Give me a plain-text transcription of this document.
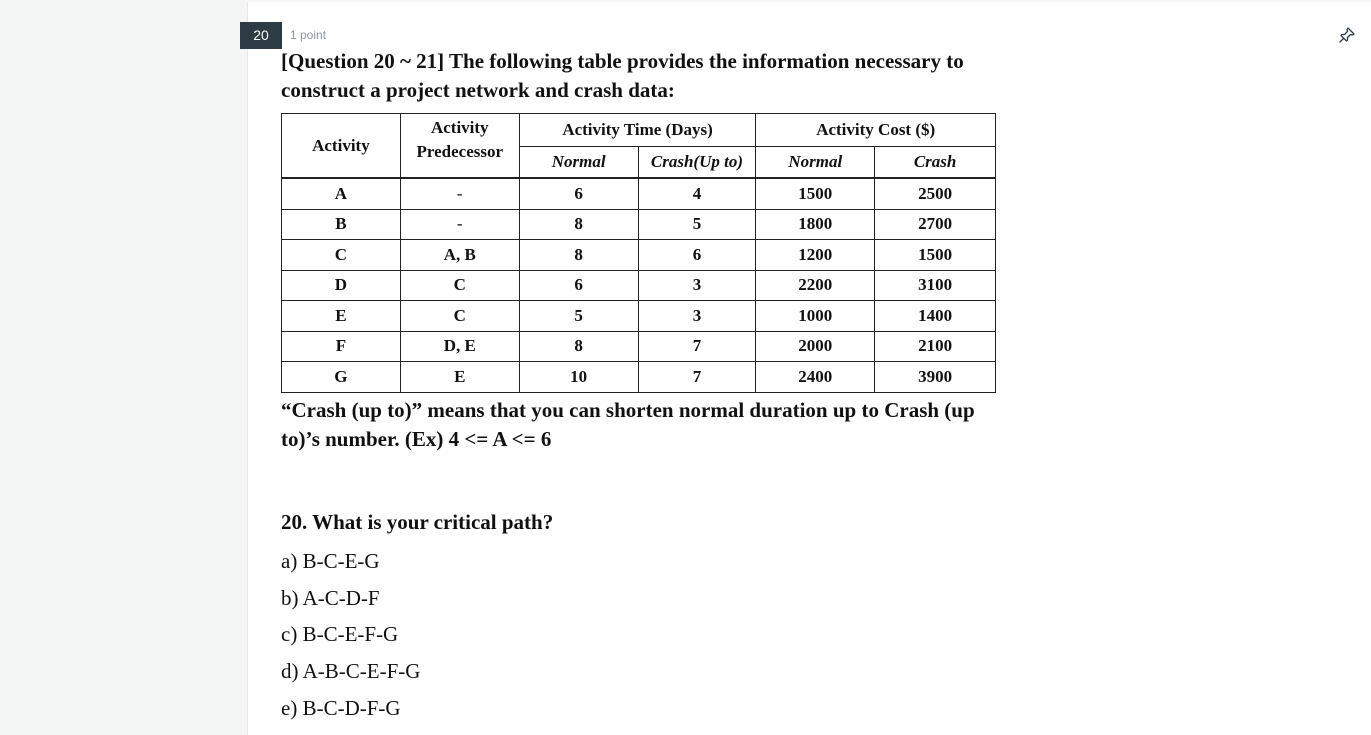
20	1 point
[Question 20 ~ 21] The following table provides the information necessary to construct a project network and crash data:
Activity	Activity Predecessor	Activity Time (Days)		Activity Cost ($)	
		Normal	Crash(Up to)	Normal	Crash
A	-	6	4	1500	2500
B	-	8	5	1800	2700
C	A, B	8	6	1200	1500
D	C	6	3	2200	3100
E	C	5	3	1000	1400
F	D, E	8	7	2000	2100
G	E	10	7	2400	3900
“Crash (up to)” means that you can shorten normal duration up to Crash (up to)’s number. (Ex) 4 <= A <= 6
20. What is your critical path?
a) B-C-E-G
b) A-C-D-F
c) B-C-E-F-G
d) A-B-C-E-F-G
e) B-C-D-F-G
